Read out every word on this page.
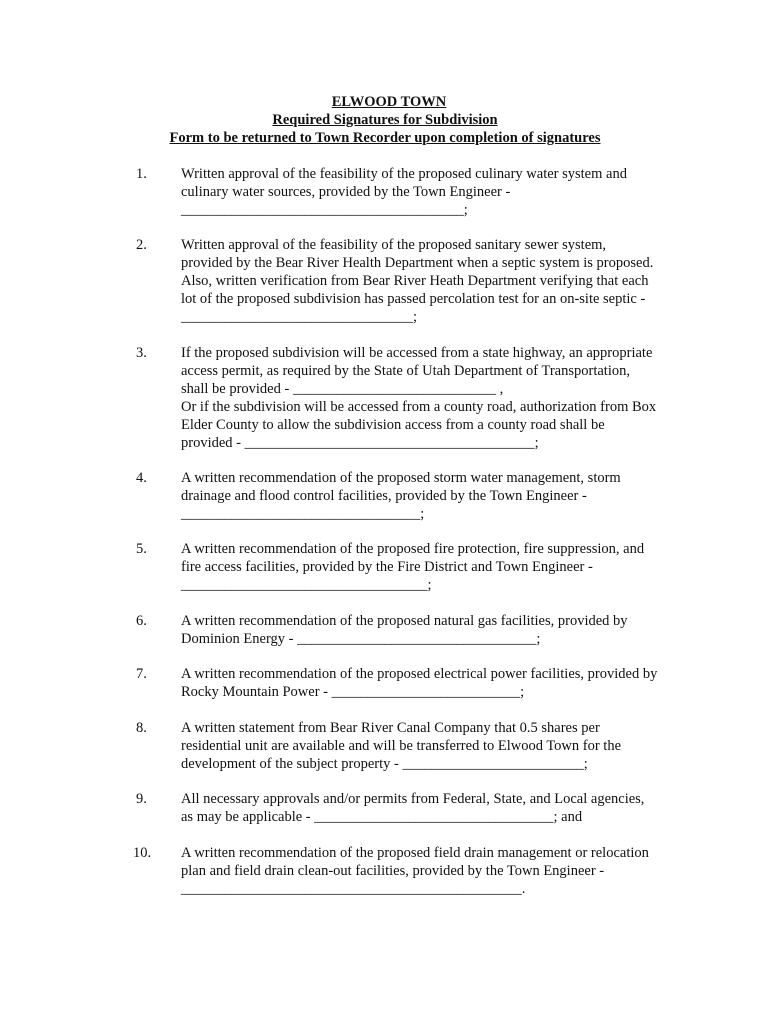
ELWOOD TOWN
Required Signatures for Subdivision
Form to be returned to Town Recorder upon completion of signatures
1. Written approval of the feasibility of the proposed culinary water system and
culinary water sources, provided by the Town Engineer -
_______________________________________;
2. Written approval of the feasibility of the proposed sanitary sewer system,
provided by the Bear River Health Department when a septic system is proposed.
Also, written verification from Bear River Heath Department verifying that each
lot of the proposed subdivision has passed percolation test for an on-site septic -
________________________________;
3. If the proposed subdivision will be accessed from a state highway, an appropriate
access permit, as required by the State of Utah Department of Transportation,
shall be provided - ____________________________ ,
Or if the subdivision will be accessed from a county road, authorization from Box
Elder County to allow the subdivision access from a county road shall be
provided - ________________________________________;
4. A written recommendation of the proposed storm water management, storm
drainage and flood control facilities, provided by the Town Engineer -
_________________________________;
5. A written recommendation of the proposed fire protection, fire suppression, and
fire access facilities, provided by the Fire District and Town Engineer -
__________________________________;
6. A written recommendation of the proposed natural gas facilities, provided by
Dominion Energy - _________________________________;
7. A written recommendation of the proposed electrical power facilities, provided by
Rocky Mountain Power - __________________________;
8. A written statement from Bear River Canal Company that 0.5 shares per
residential unit are available and will be transferred to Elwood Town for the
development of the subject property - _________________________;
9. All necessary approvals and/or permits from Federal, State, and Local agencies,
as may be applicable - _________________________________; and
10. A written recommendation of the proposed field drain management or relocation
plan and field drain clean-out facilities, provided by the Town Engineer -
_______________________________________________.
